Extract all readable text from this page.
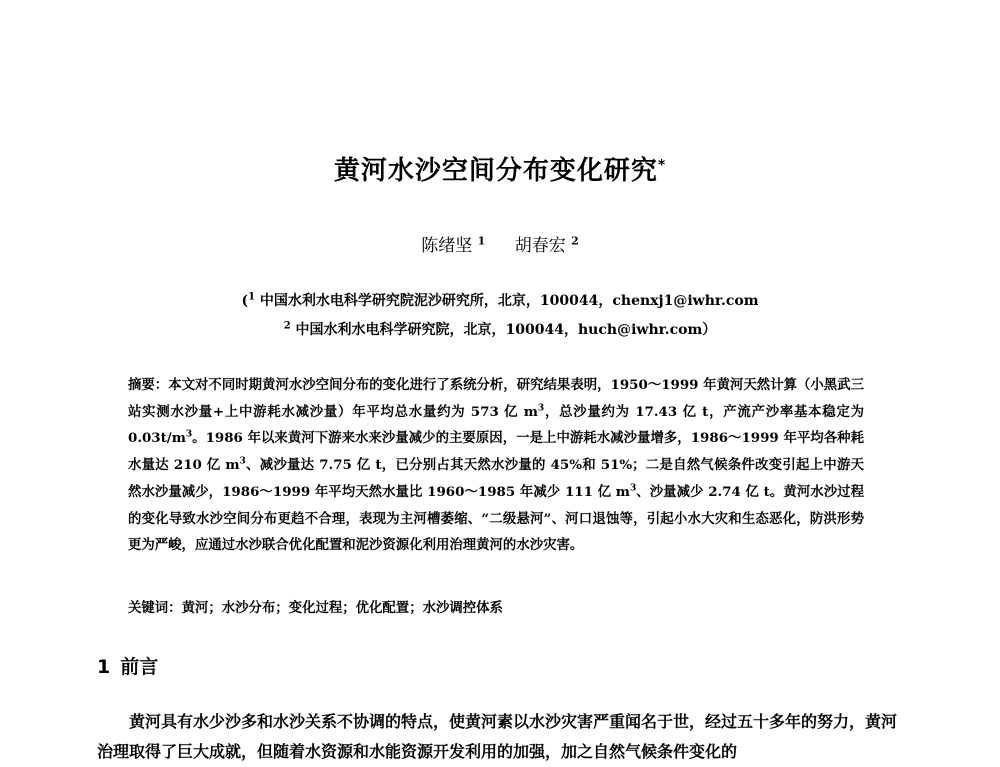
黄河水沙空间分布变化研究*
陈绪坚 $^1$ 胡春宏 $^2$
($^1$ 中国水利水电科学研究院泥沙研究所，北京，100044，chenxj1@iwhr.com
$^2$ 中国水利水电科学研究院，北京，100044，huch@iwhr.com）
摘要：本文对不同时期黄河水沙空间分布的变化进行了系统分析，研究结果表明，1950～1999 年黄河天然计算（小黑武三站实测水沙量+上中游耗水减沙量）年平均总水量约为 573 亿 $m^3$，总沙量约为 17.43 亿 t，产流产沙率基本稳定为 $0.03t/m^3$。1986 年以来黄河下游来水来沙量减少的主要原因，一是上中游耗水减沙量增多，1986～1999 年平均各种耗水量达 210 亿 $m^3$、减沙量达 7.75 亿 t，已分别占其天然水沙量的 45%和 51%；二是自然气候条件改变引起上中游天然水沙量减少，1986～1999 年平均天然水量比 1960～1985 年减少 111 亿 $m^3$、沙量减少 2.74 亿 t。黄河水沙过程的变化导致水沙空间分布更趋不合理，表现为主河槽萎缩、“二级悬河”、河口退蚀等，引起小水大灾和生态恶化，防洪形势更为严峻，应通过水沙联合优化配置和泥沙资源化利用治理黄河的水沙灾害。
关键词：黄河；水沙分布；变化过程；优化配置；水沙调控体系
1 前言
黄河具有水少沙多和水沙关系不协调的特点，使黄河素以水沙灾害严重闻名于世，经过五十多年的努力，黄河治理取得了巨大成就，但随着水资源和水能资源开发利用的加强，加之自然气候条件变化的
